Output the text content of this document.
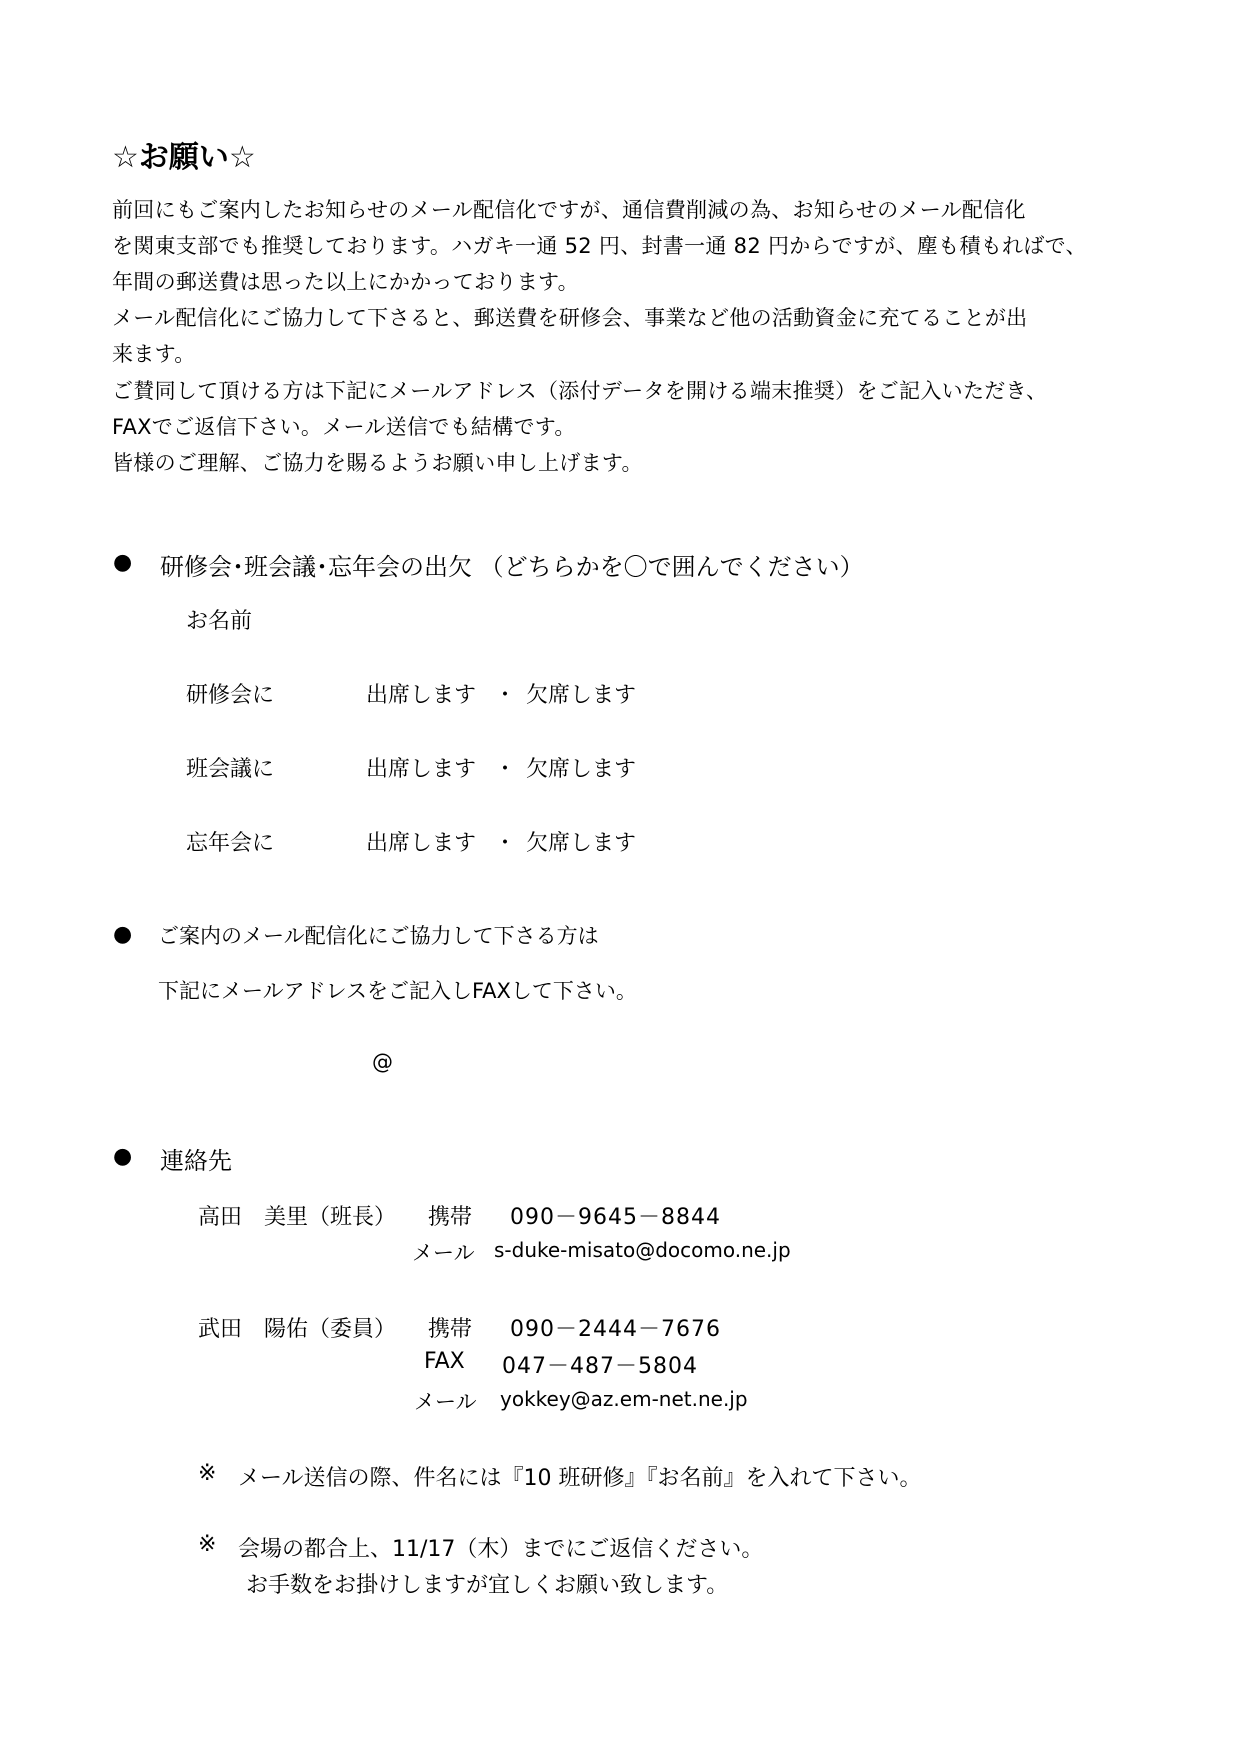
☆お願い☆
前回にもご案内したお知らせのメール配信化ですが、通信費削減の為、お知らせのメール配信化
を関東支部でも推奨しております。ハガキ一通 52 円、封書一通 82 円からですが、塵も積もればで、
年間の郵送費は思った以上にかかっております。
メール配信化にご協力して下さると、郵送費を研修会、事業など他の活動資金に充てることが出
来ます。
ご賛同して頂ける方は下記にメールアドレス（添付データを開ける端末推奨）をご記入いただき、
FAXでご返信下さい。メール送信でも結構です。
皆様のご理解、ご協力を賜るようお願い申し上げます。
● 研修会･班会議･忘年会の出欠 （どちらかを〇で囲んでください）
お名前
研修会に	出席します ・ 欠席します
班会議に	出席します ・ 欠席します
忘年会に	出席します ・ 欠席します
● ご案内のメール配信化にご協力して下さる方は
下記にメールアドレスをご記入しFAXして下さい。
@
● 連絡先
高田　美里（班長） 携帯 090－9645－8844
メール s-duke-misato@docomo.ne.jp
武田　陽佑（委員） 携帯 090－2444－7676
FAX 047－487－5804
メール yokkey@az.em-net.ne.jp
※ メール送信の際、件名には『10 班研修』『お名前』を入れて下さい。
※ 会場の都合上、11/17（木）までにご返信ください。
お手数をお掛けしますが宜しくお願い致します。
